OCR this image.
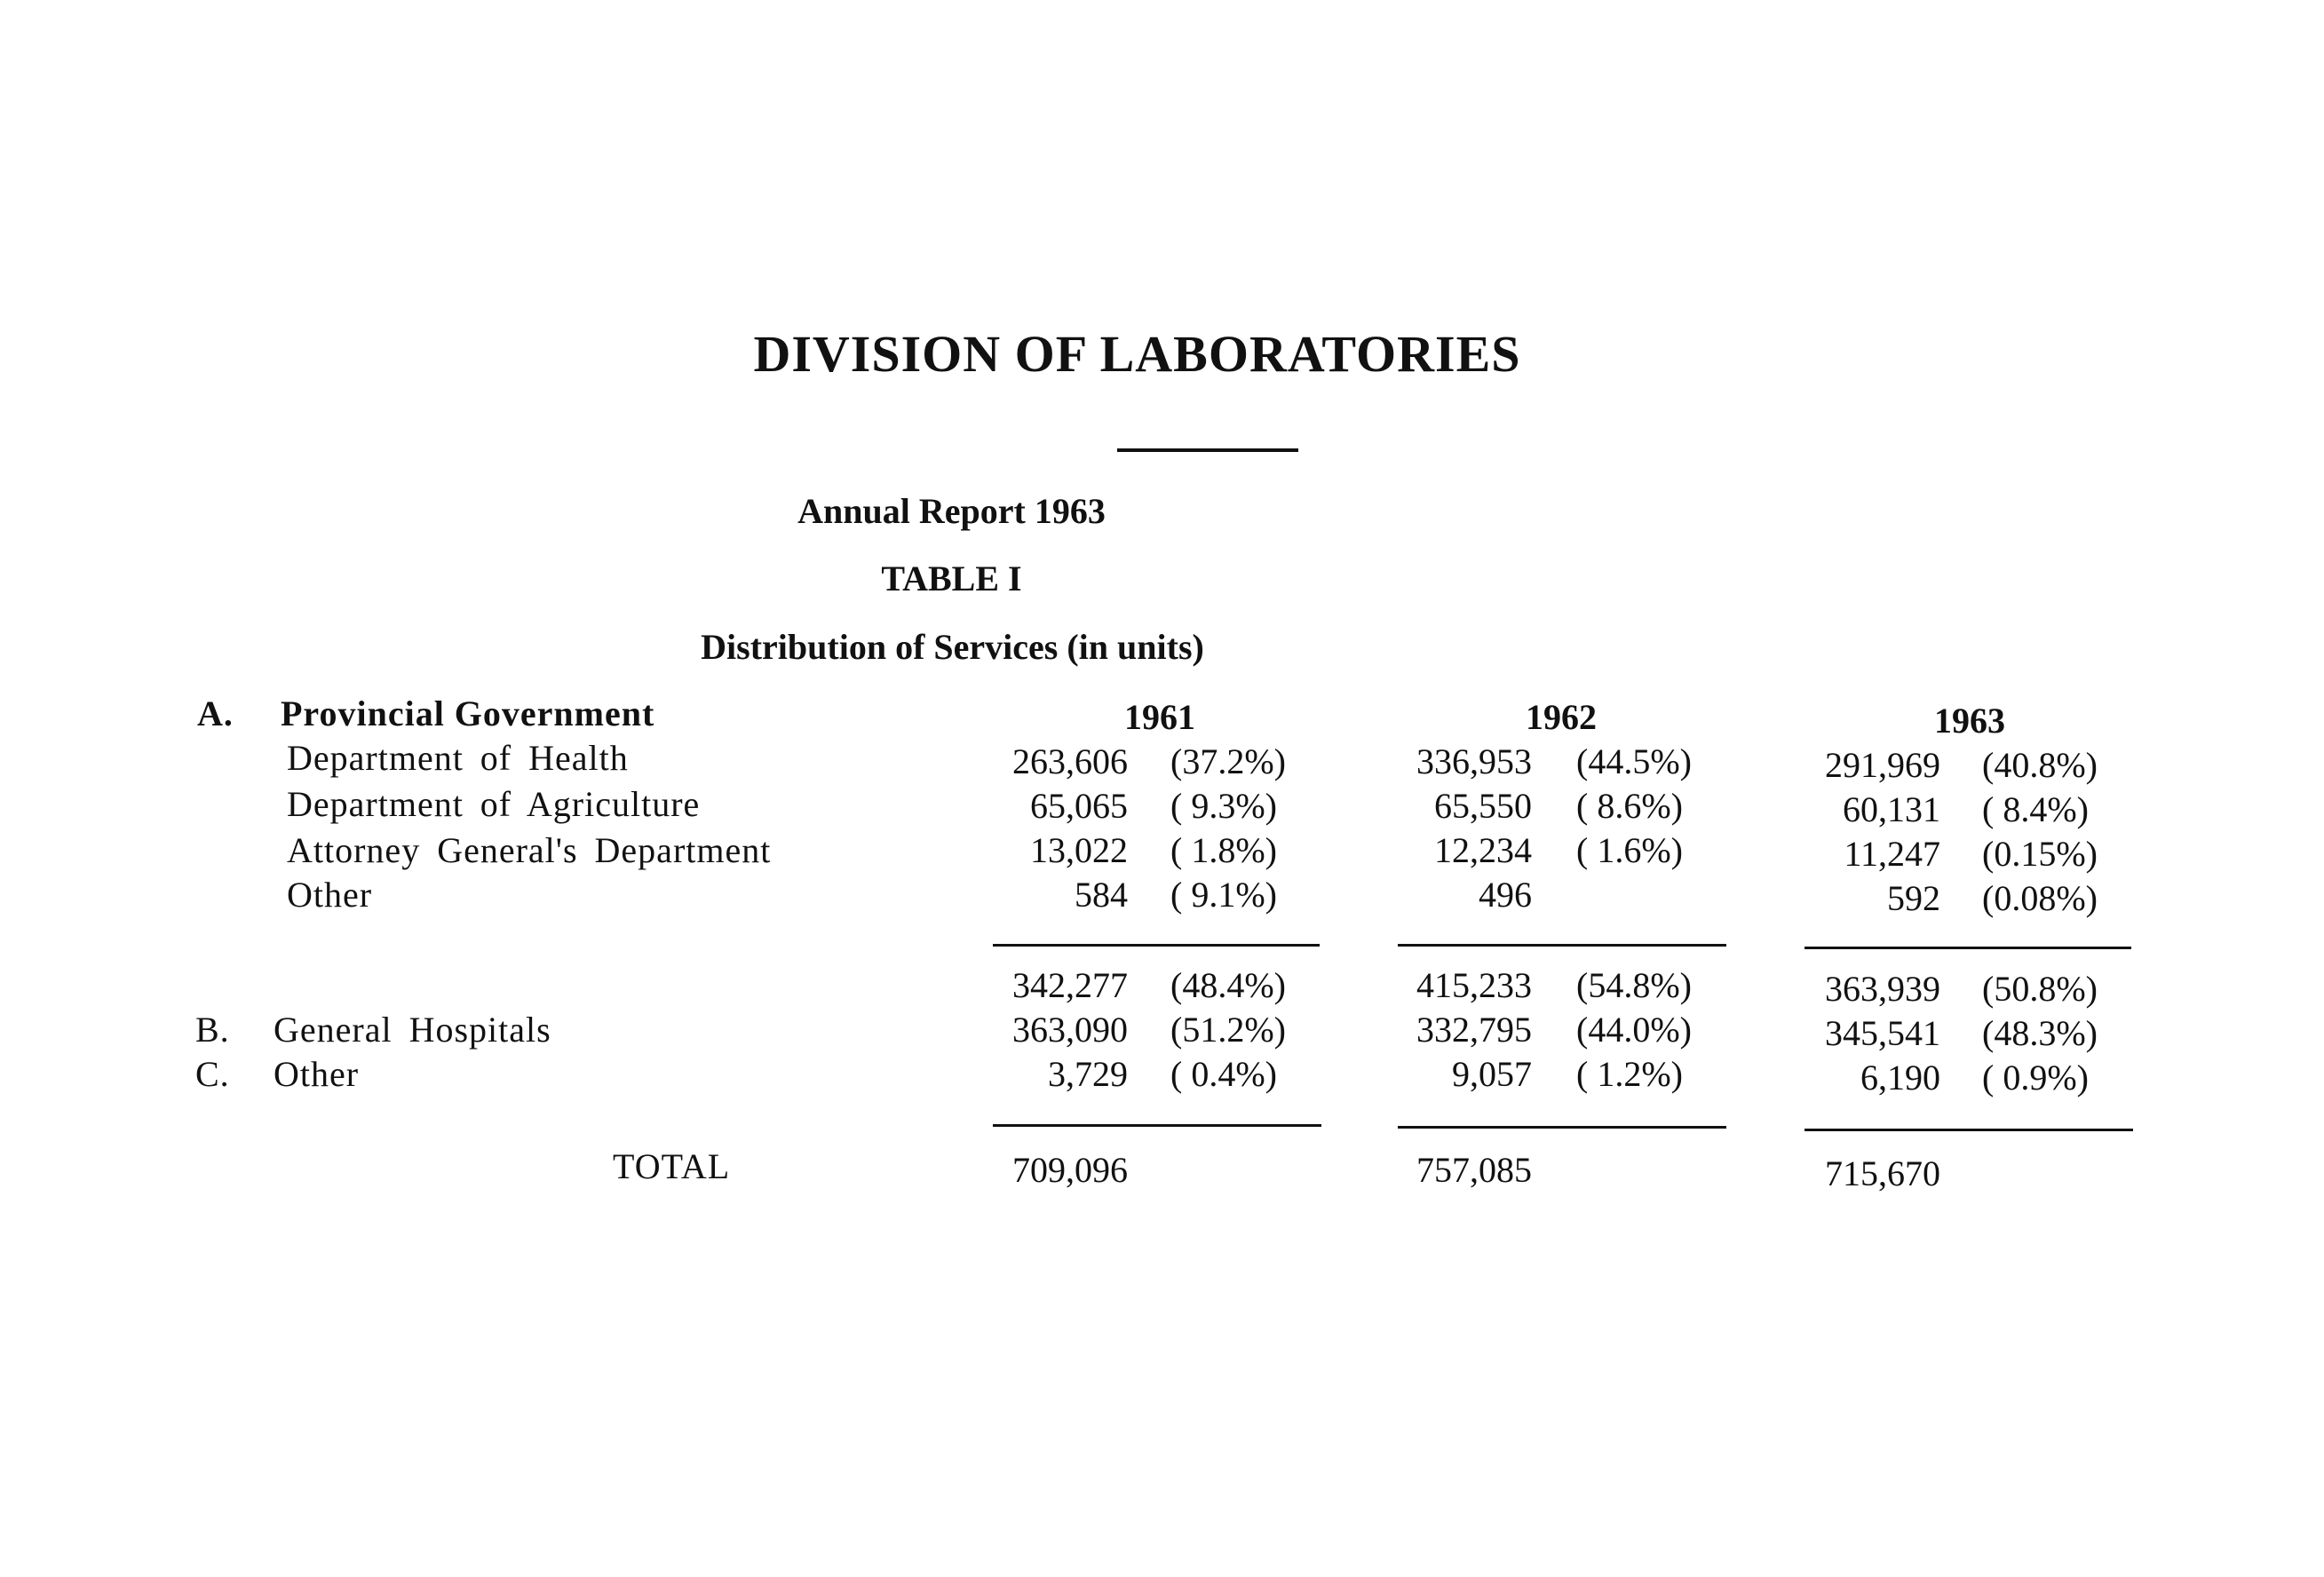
DIVISION OF LABORATORIES
Annual Report 1963
TABLE I
Distribution of Services (in units)
1961	1962	1963
A. Provincial Government
Department of Health	263,606 (37.2%)	336,953 (44.5%)	291,969 (40.8%)
Department of Agriculture	65,065 ( 9.3%)	65,550 ( 8.6%)	60,131 ( 8.4%)
Attorney General's Department	13,022 ( 1.8%)	12,234 ( 1.6%)	11,247 (0.15%)
Other	584 ( 9.1%)	496	592 (0.08%)
342,277 (48.4%)	415,233 (54.8%)	363,939 (50.8%)
B. General Hospitals	363,090 (51.2%)	332,795 (44.0%)	345,541 (48.3%)
C. Other	3,729 ( 0.4%)	9,057 ( 1.2%)	6,190 ( 0.9%)
TOTAL	709,096	757,085	715,670
